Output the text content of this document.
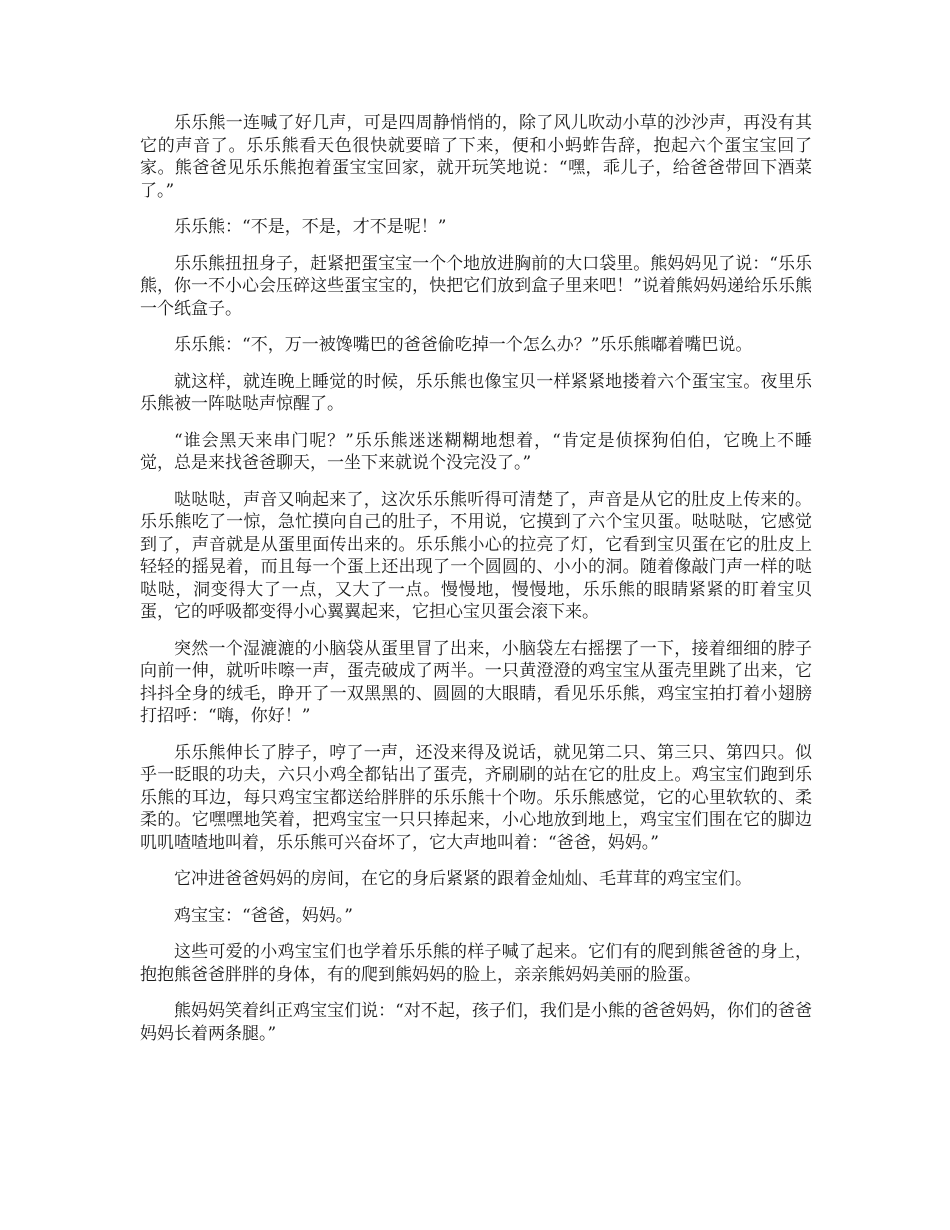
乐乐熊一连喊了好几声，可是四周静悄悄的，除了风儿吹动小草的沙沙声，再没有其它的声音了。乐乐熊看天色很快就要暗了下来，便和小蚂蚱告辞，抱起六个蛋宝宝回了家。熊爸爸见乐乐熊抱着蛋宝宝回家，就开玩笑地说：“嘿，乖儿子，给爸爸带回下酒菜了。”

乐乐熊：“不是，不是，才不是呢！”

乐乐熊扭扭身子，赶紧把蛋宝宝一个个地放进胸前的大口袋里。熊妈妈见了说：“乐乐熊，你一不小心会压碎这些蛋宝宝的，快把它们放到盒子里来吧！”说着熊妈妈递给乐乐熊一个纸盒子。

乐乐熊：“不，万一被馋嘴巴的爸爸偷吃掉一个怎么办？”乐乐熊嘟着嘴巴说。

就这样，就连晚上睡觉的时候，乐乐熊也像宝贝一样紧紧地搂着六个蛋宝宝。夜里乐乐熊被一阵哒哒声惊醒了。

“谁会黑天来串门呢？”乐乐熊迷迷糊糊地想着，“肯定是侦探狗伯伯，它晚上不睡觉，总是来找爸爸聊天，一坐下来就说个没完没了。”

哒哒哒，声音又响起来了，这次乐乐熊听得可清楚了，声音是从它的肚皮上传来的。乐乐熊吃了一惊，急忙摸向自己的肚子，不用说，它摸到了六个宝贝蛋。哒哒哒，它感觉到了，声音就是从蛋里面传出来的。乐乐熊小心的拉亮了灯，它看到宝贝蛋在它的肚皮上轻轻的摇晃着，而且每一个蛋上还出现了一个圆圆的、小小的洞。随着像敲门声一样的哒哒哒，洞变得大了一点，又大了一点。慢慢地，慢慢地，乐乐熊的眼睛紧紧的盯着宝贝蛋，它的呼吸都变得小心翼翼起来，它担心宝贝蛋会滚下来。

突然一个湿漉漉的小脑袋从蛋里冒了出来，小脑袋左右摇摆了一下，接着细细的脖子向前一伸，就听咔嚓一声，蛋壳破成了两半。一只黄澄澄的鸡宝宝从蛋壳里跳了出来，它抖抖全身的绒毛，睁开了一双黑黑的、圆圆的大眼睛，看见乐乐熊，鸡宝宝拍打着小翅膀打招呼：“嗨，你好！”

乐乐熊伸长了脖子，哼了一声，还没来得及说话，就见第二只、第三只、第四只。似乎一眨眼的功夫，六只小鸡全都钻出了蛋壳，齐刷刷的站在它的肚皮上。鸡宝宝们跑到乐乐熊的耳边，每只鸡宝宝都送给胖胖的乐乐熊十个吻。乐乐熊感觉，它的心里软软的、柔柔的。它嘿嘿地笑着，把鸡宝宝一只只捧起来，小心地放到地上，鸡宝宝们围在它的脚边叽叽喳喳地叫着，乐乐熊可兴奋坏了，它大声地叫着：“爸爸，妈妈。”

它冲进爸爸妈妈的房间，在它的身后紧紧的跟着金灿灿、毛茸茸的鸡宝宝们。

鸡宝宝：“爸爸，妈妈。”

这些可爱的小鸡宝宝们也学着乐乐熊的样子喊了起来。它们有的爬到熊爸爸的身上，抱抱熊爸爸胖胖的身体，有的爬到熊妈妈的脸上，亲亲熊妈妈美丽的脸蛋。

熊妈妈笑着纠正鸡宝宝们说：“对不起，孩子们，我们是小熊的爸爸妈妈，你们的爸爸妈妈长着两条腿。”
